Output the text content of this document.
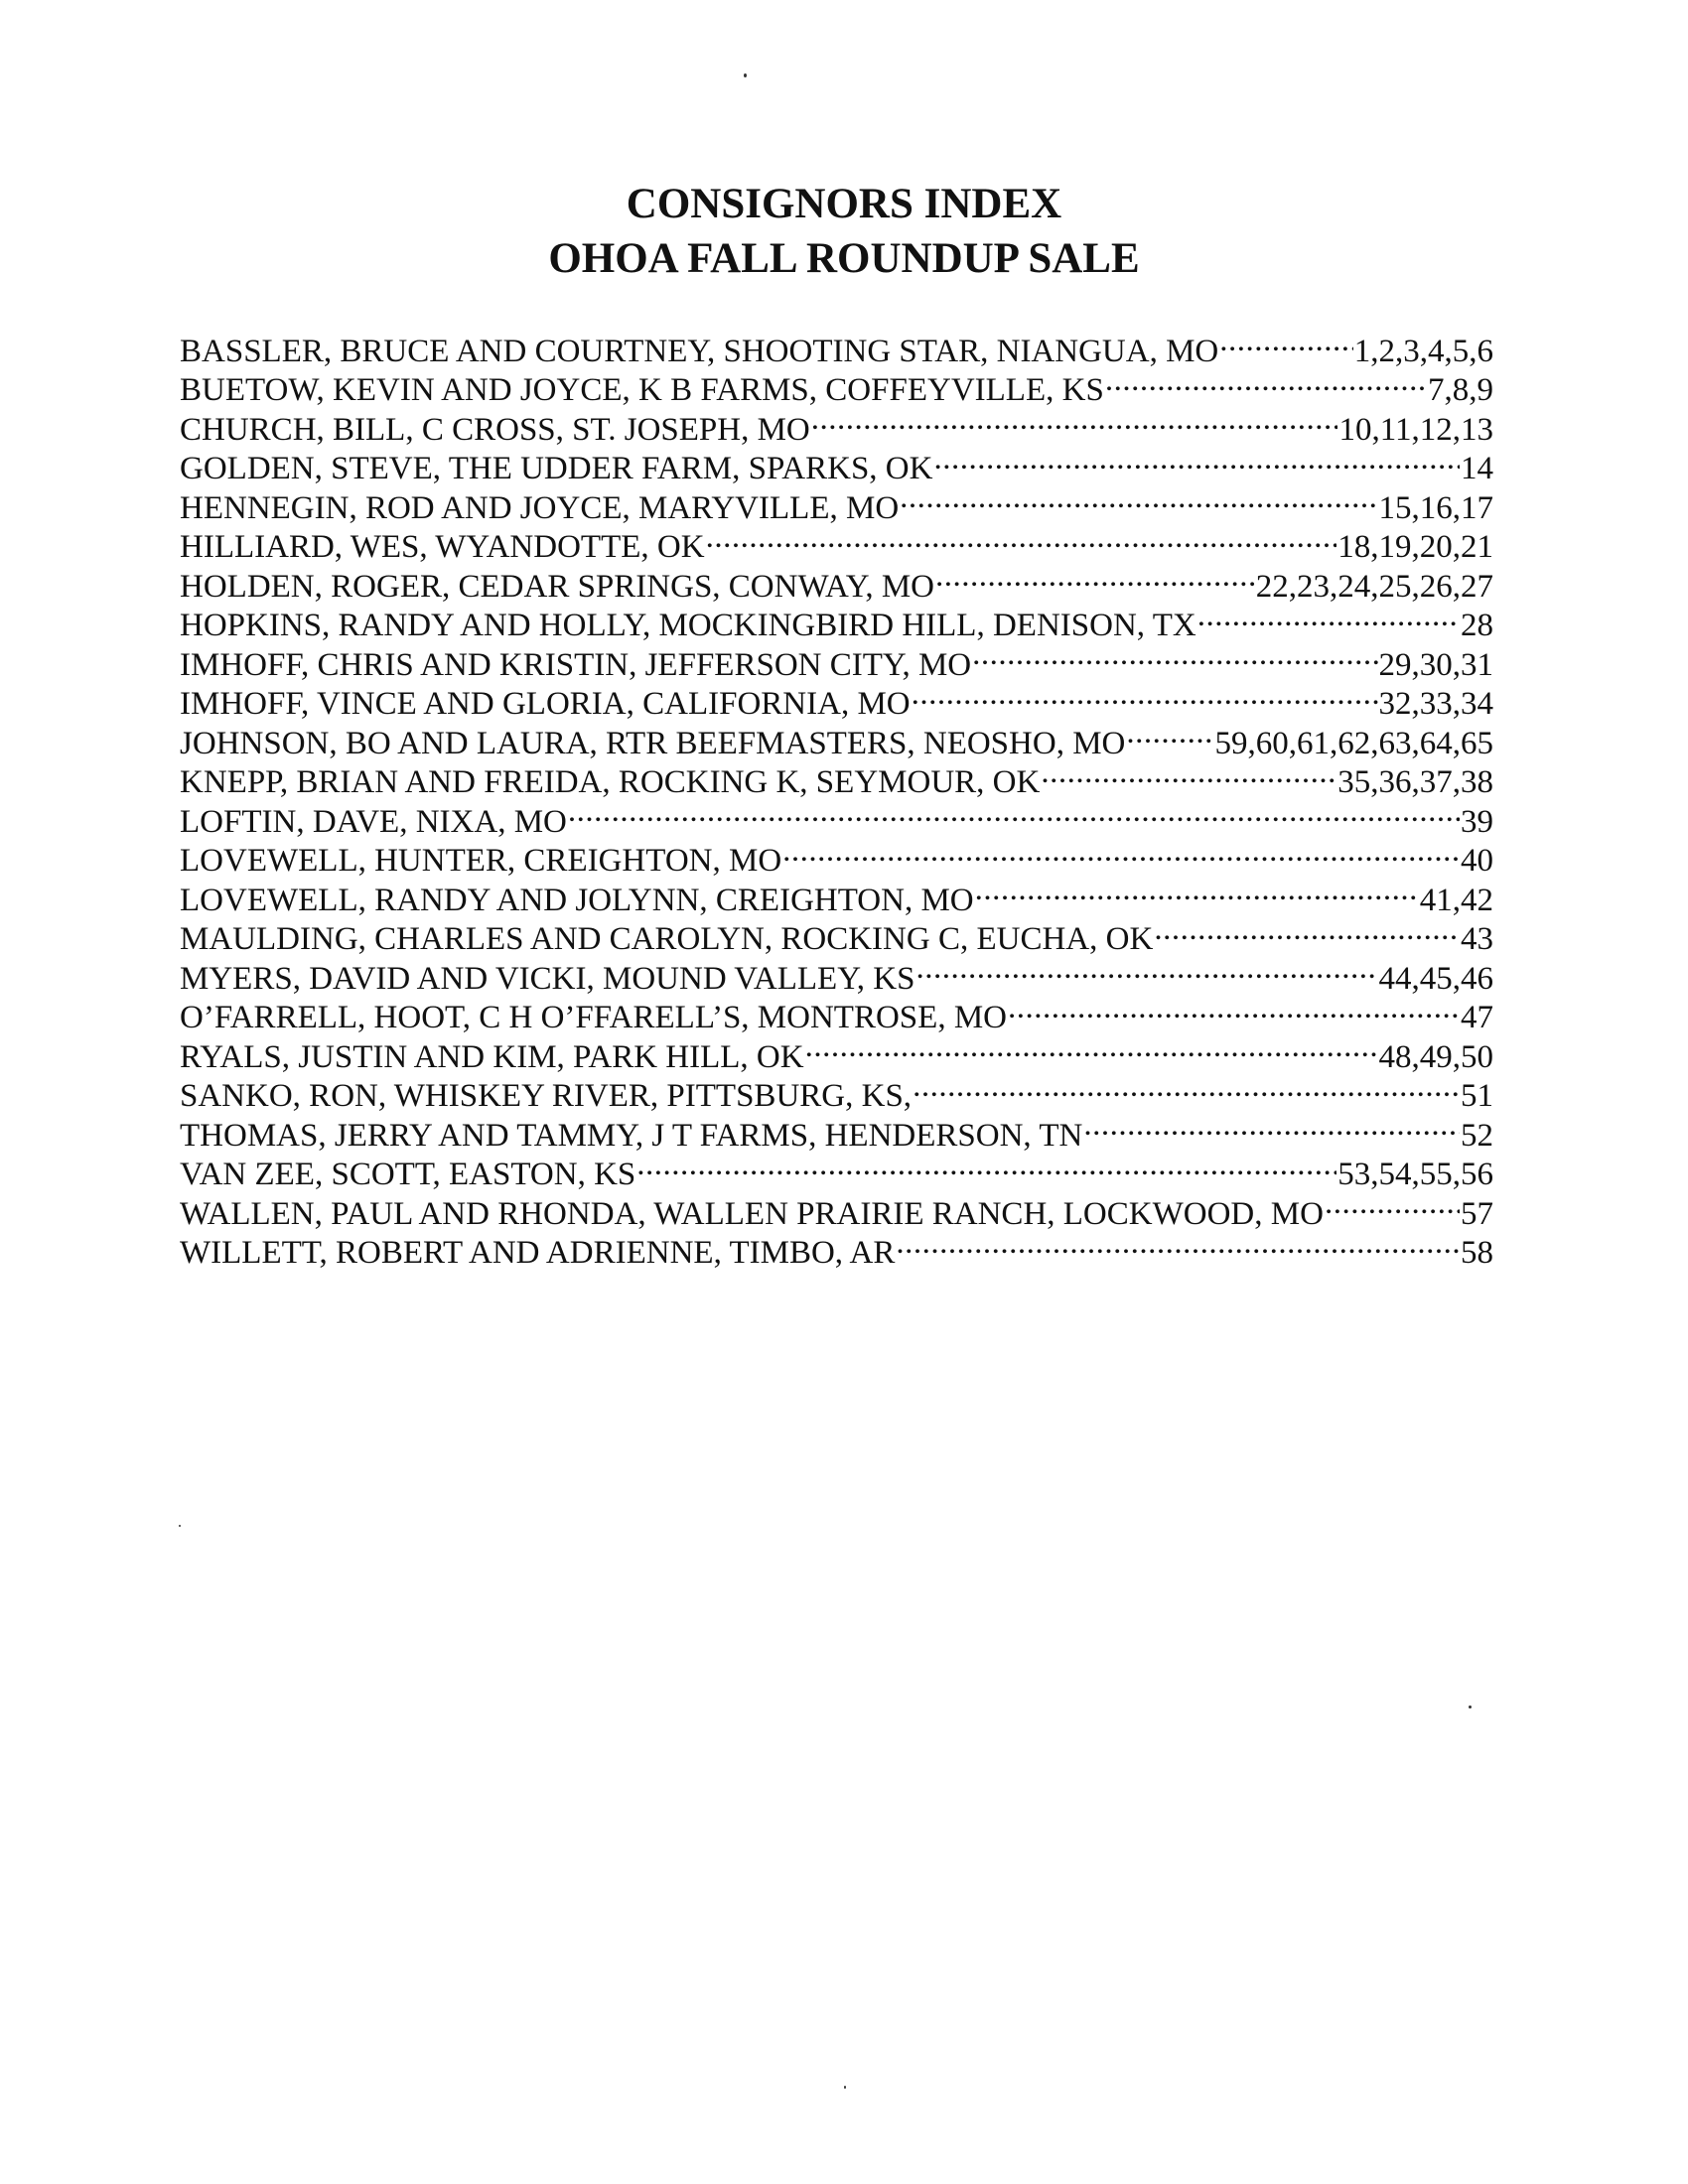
CONSIGNORS INDEX
OHOA FALL ROUNDUP SALE
BASSLER, BRUCE AND COURTNEY, SHOOTING STAR, NIANGUA, MO .....	1,2,3,4,5,6
BUETOW, KEVIN AND JOYCE, K B FARMS, COFFEYVILLE, KS .....	7,8,9
CHURCH, BILL, C CROSS, ST. JOSEPH, MO .....	10,11,12,13
GOLDEN, STEVE, THE UDDER FARM, SPARKS, OK .....	14
HENNEGIN, ROD AND JOYCE, MARYVILLE, MO .....	15,16,17
HILLIARD, WES, WYANDOTTE, OK .....	18,19,20,21
HOLDEN, ROGER, CEDAR SPRINGS, CONWAY, MO .....	22,23,24,25,26,27
HOPKINS, RANDY AND HOLLY, MOCKINGBIRD HILL, DENISON, TX .....	28
IMHOFF, CHRIS AND KRISTIN, JEFFERSON CITY, MO .....	29,30,31
IMHOFF, VINCE AND GLORIA, CALIFORNIA, MO .....	32,33,34
JOHNSON, BO AND LAURA, RTR BEEFMASTERS, NEOSHO, MO .....	59,60,61,62,63,64,65
KNEPP, BRIAN AND FREIDA, ROCKING K, SEYMOUR, OK .....	35,36,37,38
LOFTIN, DAVE, NIXA, MO .....	39
LOVEWELL, HUNTER, CREIGHTON, MO .....	40
LOVEWELL, RANDY AND JOLYNN, CREIGHTON, MO .....	41,42
MAULDING, CHARLES AND CAROLYN, ROCKING C, EUCHA, OK .....	43
MYERS, DAVID AND VICKI, MOUND VALLEY, KS .....	44,45,46
O’FARRELL, HOOT, C H O’FFARELL’S, MONTROSE, MO .....	47
RYALS, JUSTIN AND KIM, PARK HILL, OK .....	48,49,50
SANKO, RON, WHISKEY RIVER, PITTSBURG, KS, .....	51
THOMAS, JERRY AND TAMMY, J T FARMS, HENDERSON, TN .....	52
VAN ZEE, SCOTT, EASTON, KS .....	53,54,55,56
WALLEN, PAUL AND RHONDA, WALLEN PRAIRIE RANCH, LOCKWOOD, MO .....	57
WILLETT, ROBERT AND ADRIENNE, TIMBO, AR .....	58
